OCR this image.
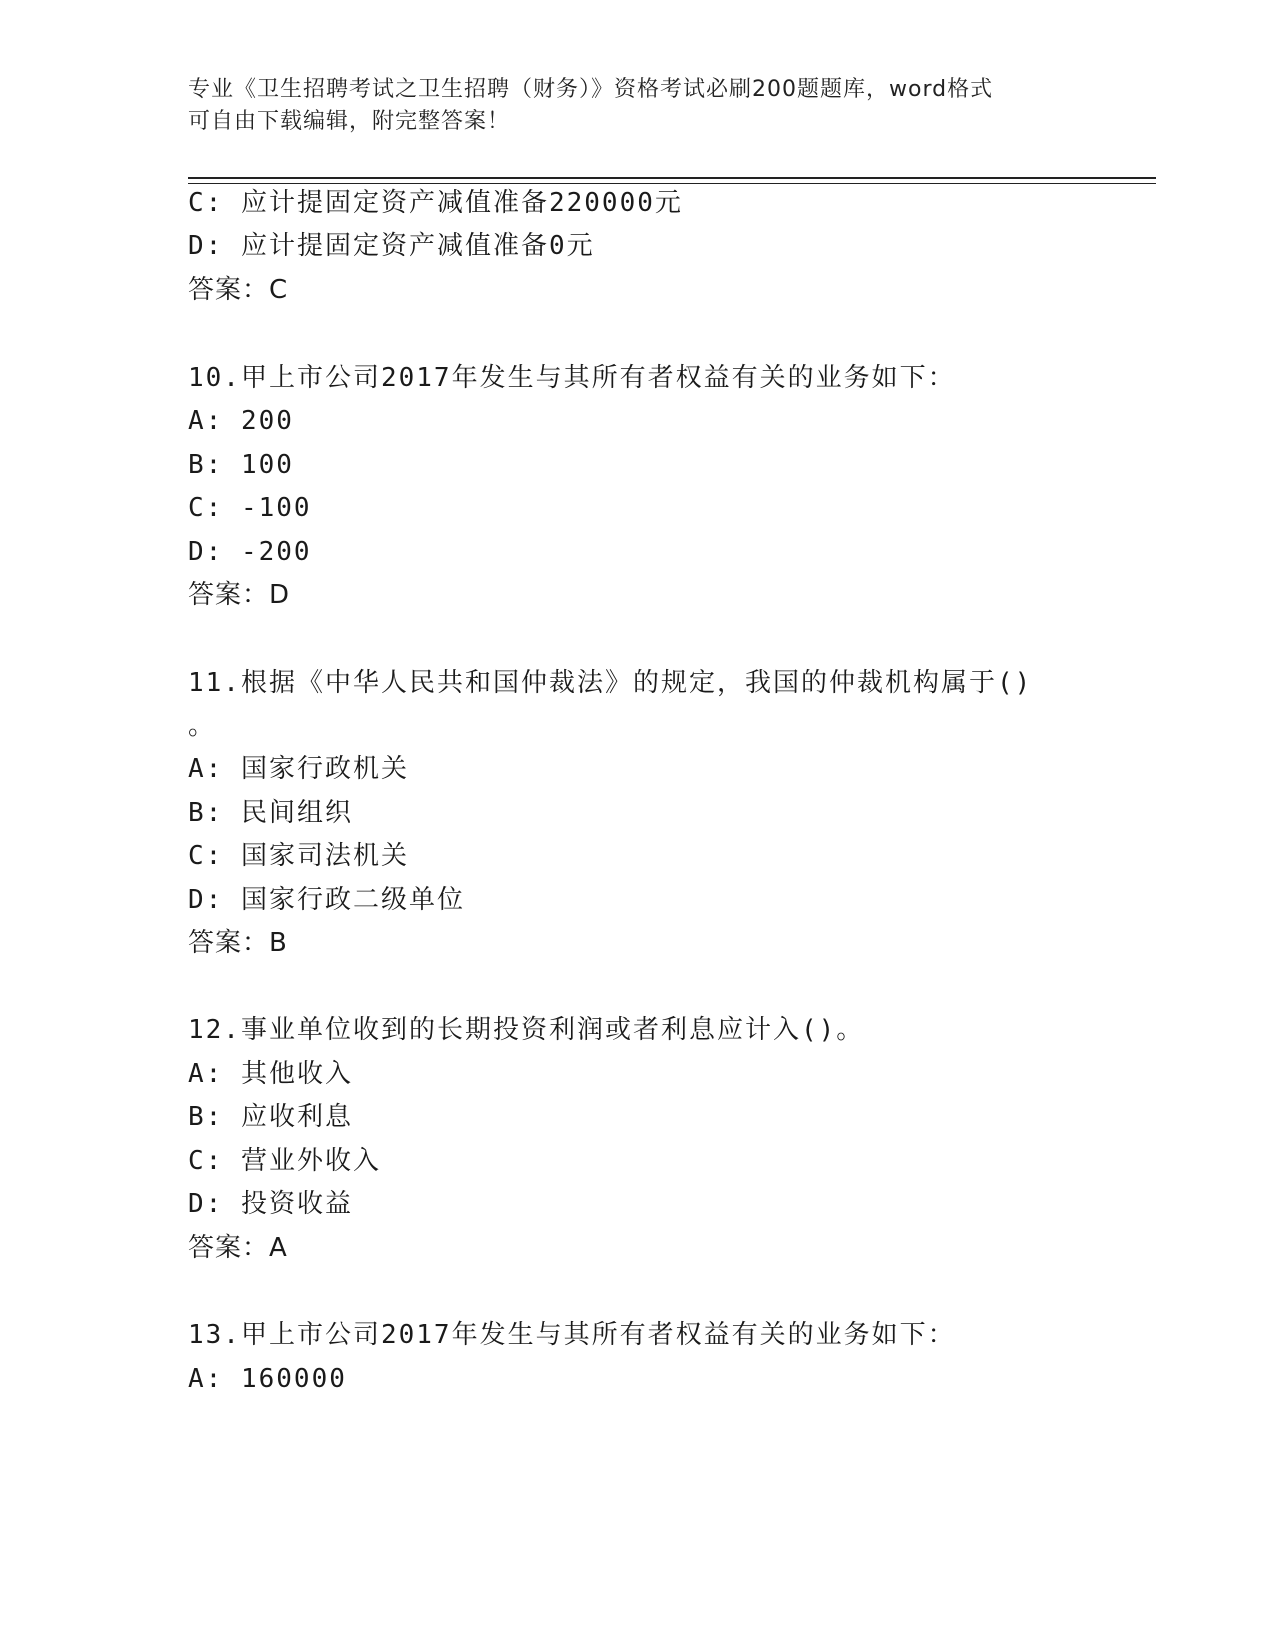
专业《卫生招聘考试之卫生招聘（财务）》资格考试必刷200题题库，word格式
可自由下载编辑，附完整答案！
C: 应计提固定资产减值准备220000元
D: 应计提固定资产减值准备0元
答案：C
10.甲上市公司2017年发生与其所有者权益有关的业务如下：
A: 200
B: 100
C: -100
D: -200
答案：D
11.根据《中华人民共和国仲裁法》的规定，我国的仲裁机构属于()
。
A: 国家行政机关
B: 民间组织
C: 国家司法机关
D: 国家行政二级单位
答案：B
12.事业单位收到的长期投资利润或者利息应计入()。
A: 其他收入
B: 应收利息
C: 营业外收入
D: 投资收益
答案：A
13.甲上市公司2017年发生与其所有者权益有关的业务如下：
A: 160000
